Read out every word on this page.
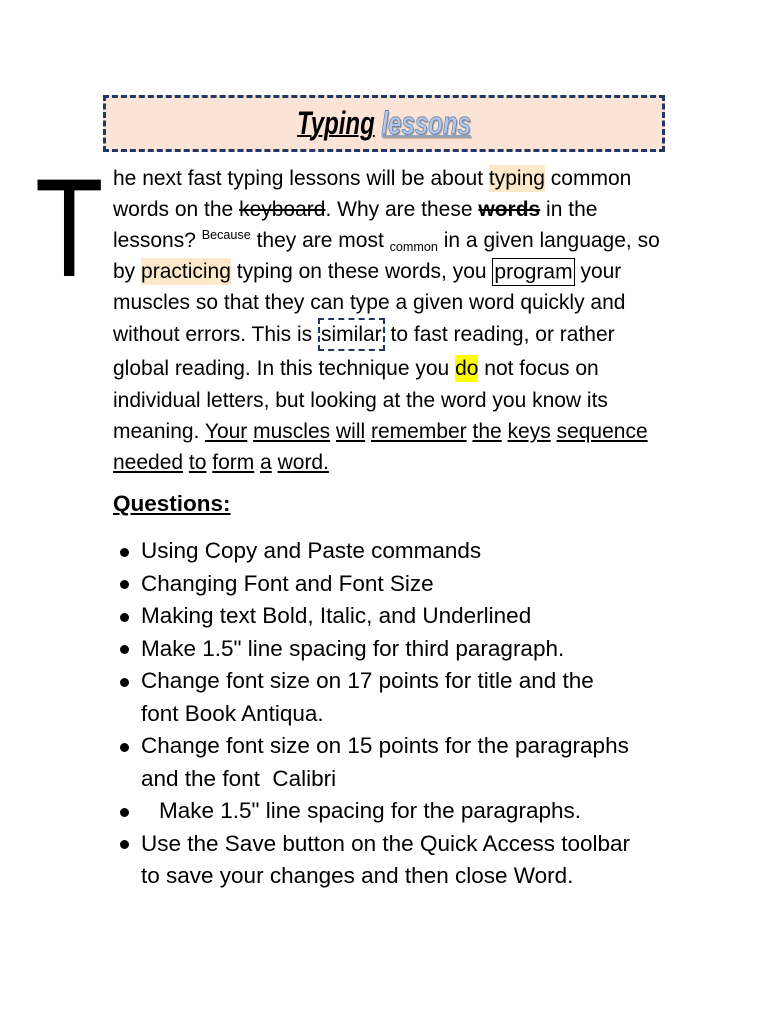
Typing lessons
T he next fast typing lessons will be about typing common
words on the keyboard. Why are these words in the
lessons? $^{Because}$ they are most $_{common}$ in a given language, so
by practicing typing on these words, you program your
muscles so that they can type a given word quickly and
without errors. This is similar to fast reading, or rather
global reading. In this technique you do not focus on
individual letters, but looking at the word you know its
meaning. Your muscles will remember the keys sequence
needed to form a word.
Questions:
Using Copy and Paste commands
Changing Font and Font Size
Making text Bold, Italic, and Underlined
Make 1.5" line spacing for third paragraph.
Change font size on 17 points for title and the
font Book Antiqua.
Change font size on 15 points for the paragraphs
and the font  Calibri
Make 1.5" line spacing for the paragraphs.
Use the Save button on the Quick Access toolbar
to save your changes and then close Word.
